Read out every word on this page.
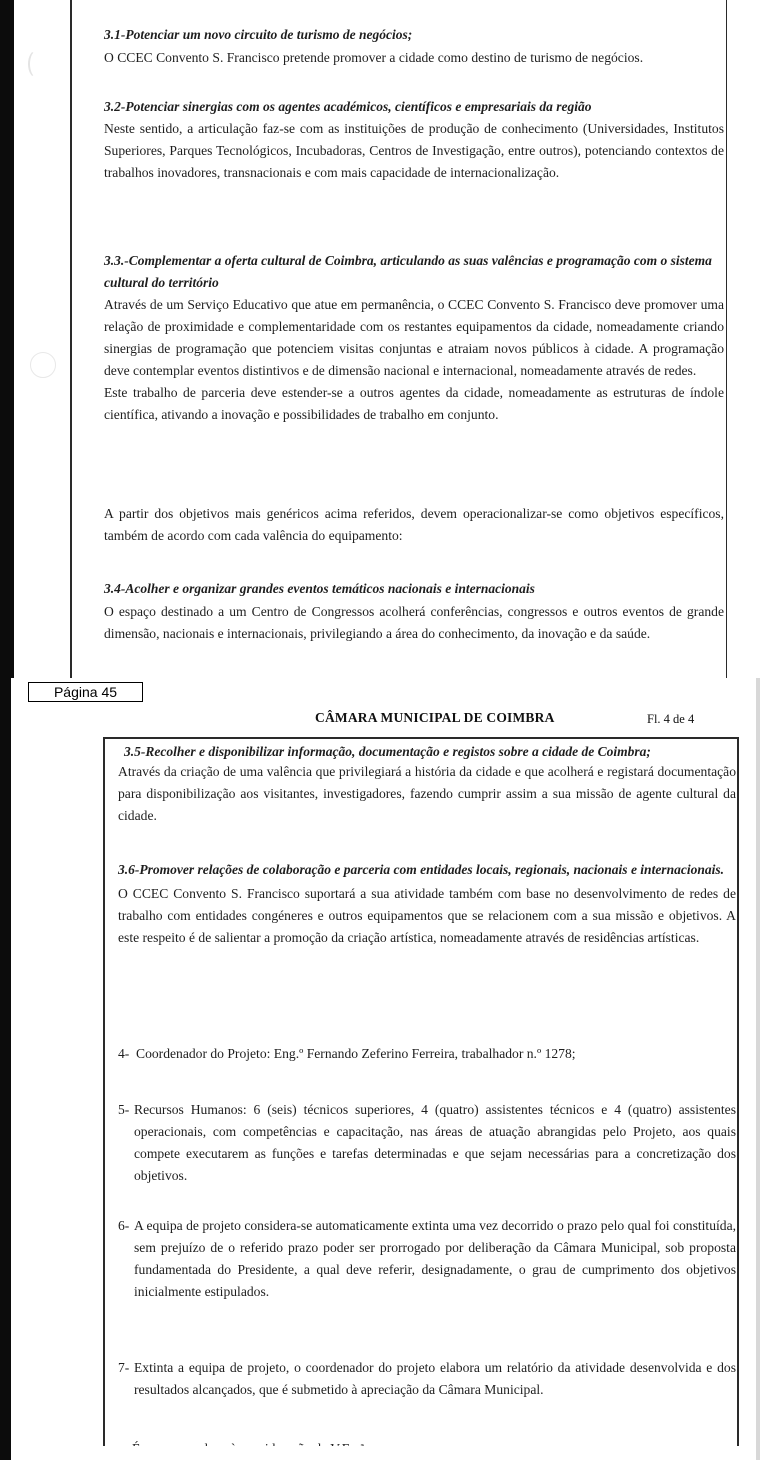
3.1-Potenciar um novo circuito de turismo de negócios;

O CCEC Convento S. Francisco pretende promover a cidade como destino de turismo de negócios.

3.2-Potenciar sinergias com os agentes académicos, científicos e empresariais da região

Neste sentido, a articulação faz-se com as instituições de produção de conhecimento (Universidades, Institutos Superiores, Parques Tecnológicos, Incubadoras, Centros de Investigação, entre outros), potenciando contextos de trabalhos inovadores, transnacionais e com mais capacidade de internacionalização.

3.3.-Complementar a oferta cultural de Coimbra, articulando as suas valências e programação com o sistema cultural do território

Através de um Serviço Educativo que atue em permanência, o CCEC Convento S. Francisco deve promover uma relação de proximidade e complementaridade com os restantes equipamentos da cidade, nomeadamente criando sinergias de programação que potenciem visitas conjuntas e atraiam novos públicos à cidade. A programação deve contemplar eventos distintivos e de dimensão nacional e internacional, nomeadamente através de redes.

Este trabalho de parceria deve estender-se a outros agentes da cidade, nomeadamente as estruturas de índole científica, ativando a inovação e possibilidades de trabalho em conjunto.

A partir dos objetivos mais genéricos acima referidos, devem operacionalizar-se como objetivos específicos, também de acordo com cada valência do equipamento:

3.4-Acolher e organizar grandes eventos temáticos nacionais e internacionais

O espaço destinado a um Centro de Congressos acolherá conferências, congressos e outros eventos de grande dimensão, nacionais e internacionais, privilegiando a área do conhecimento, da inovação e da saúde.

Página 45
CÂMARA MUNICIPAL DE COIMBRA	Fl. 4 de 4

3.5-Recolher e disponibilizar informação, documentação e registos sobre a cidade de Coimbra;

Através da criação de uma valência que privilegiará a história da cidade e que acolherá e registará documentação para disponibilização aos visitantes, investigadores, fazendo cumprir assim a sua missão de agente cultural da cidade.

3.6-Promover relações de colaboração e parceria com entidades locais, regionais, nacionais e internacionais.

O CCEC Convento S. Francisco suportará a sua atividade também com base no desenvolvimento de redes de trabalho com entidades congéneres e outros equipamentos que se relacionem com a sua missão e objetivos. A este respeito é de salientar a promoção da criação artística, nomeadamente através de residências artísticas.

4- Coordenador do Projeto: Eng.º Fernando Zeferino Ferreira, trabalhador n.º 1278;

5- Recursos Humanos: 6 (seis) técnicos superiores, 4 (quatro) assistentes técnicos e 4 (quatro) assistentes operacionais, com competências e capacitação, nas áreas de atuação abrangidas pelo Projeto, aos quais compete executarem as funções e tarefas determinadas e que sejam necessárias para a concretização dos objetivos.

6- A equipa de projeto considera-se automaticamente extinta uma vez decorrido o prazo pelo qual foi constituída, sem prejuízo de o referido prazo poder ser prorrogado por deliberação da Câmara Municipal, sob proposta fundamentada do Presidente, a qual deve referir, designadamente, o grau de cumprimento dos objetivos inicialmente estipulados.

7- Extinta a equipa de projeto, o coordenador do projeto elabora um relatório da atividade desenvolvida e dos resultados alcançados, que é submetido à apreciação da Câmara Municipal.
